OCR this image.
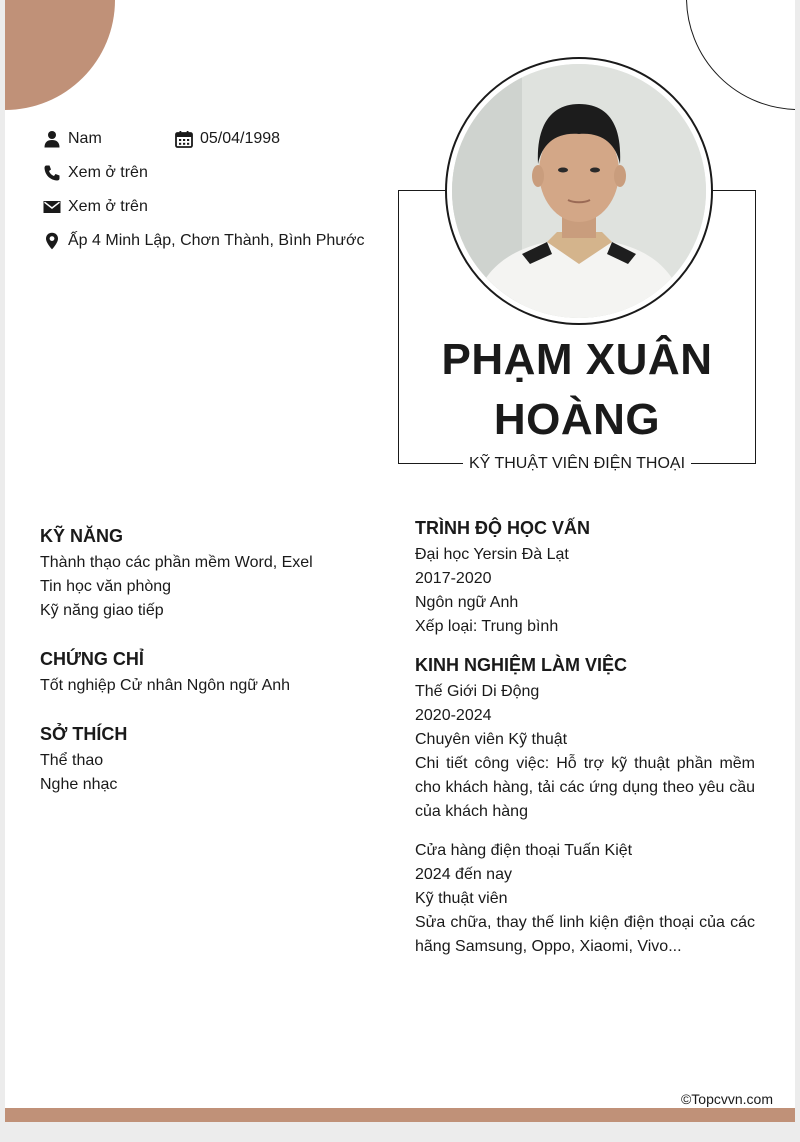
Nam	05/04/1998
Xem ở trên
Xem ở trên
Ấp 4 Minh Lập, Chơn Thành, Bình Phước
PHẠM XUÂN
HOÀNG
KỸ THUẬT VIÊN ĐIỆN THOẠI
KỸ NĂNG
Thành thạo các phần mềm Word, Exel
Tin học văn phòng
Kỹ năng giao tiếp
CHỨNG CHỈ
Tốt nghiệp Cử nhân Ngôn ngữ Anh
SỞ THÍCH
Thể thao
Nghe nhạc
TRÌNH ĐỘ HỌC VẤN
Đại học Yersin Đà Lạt
2017-2020
Ngôn ngữ Anh
Xếp loại: Trung bình
KINH NGHIỆM LÀM VIỆC
Thế Giới Di Động
2020-2024
Chuyên viên Kỹ thuật
Chi tiết công việc: Hỗ trợ kỹ thuật phần mềm cho khách hàng, tải các ứng dụng theo yêu cầu của khách hàng
Cửa hàng điện thoại Tuấn Kiệt
2024 đến nay
Kỹ thuật viên
Sửa chữa, thay thế linh kiện điện thoại của các hãng Samsung, Oppo, Xiaomi, Vivo...
©Topcvvn.com
